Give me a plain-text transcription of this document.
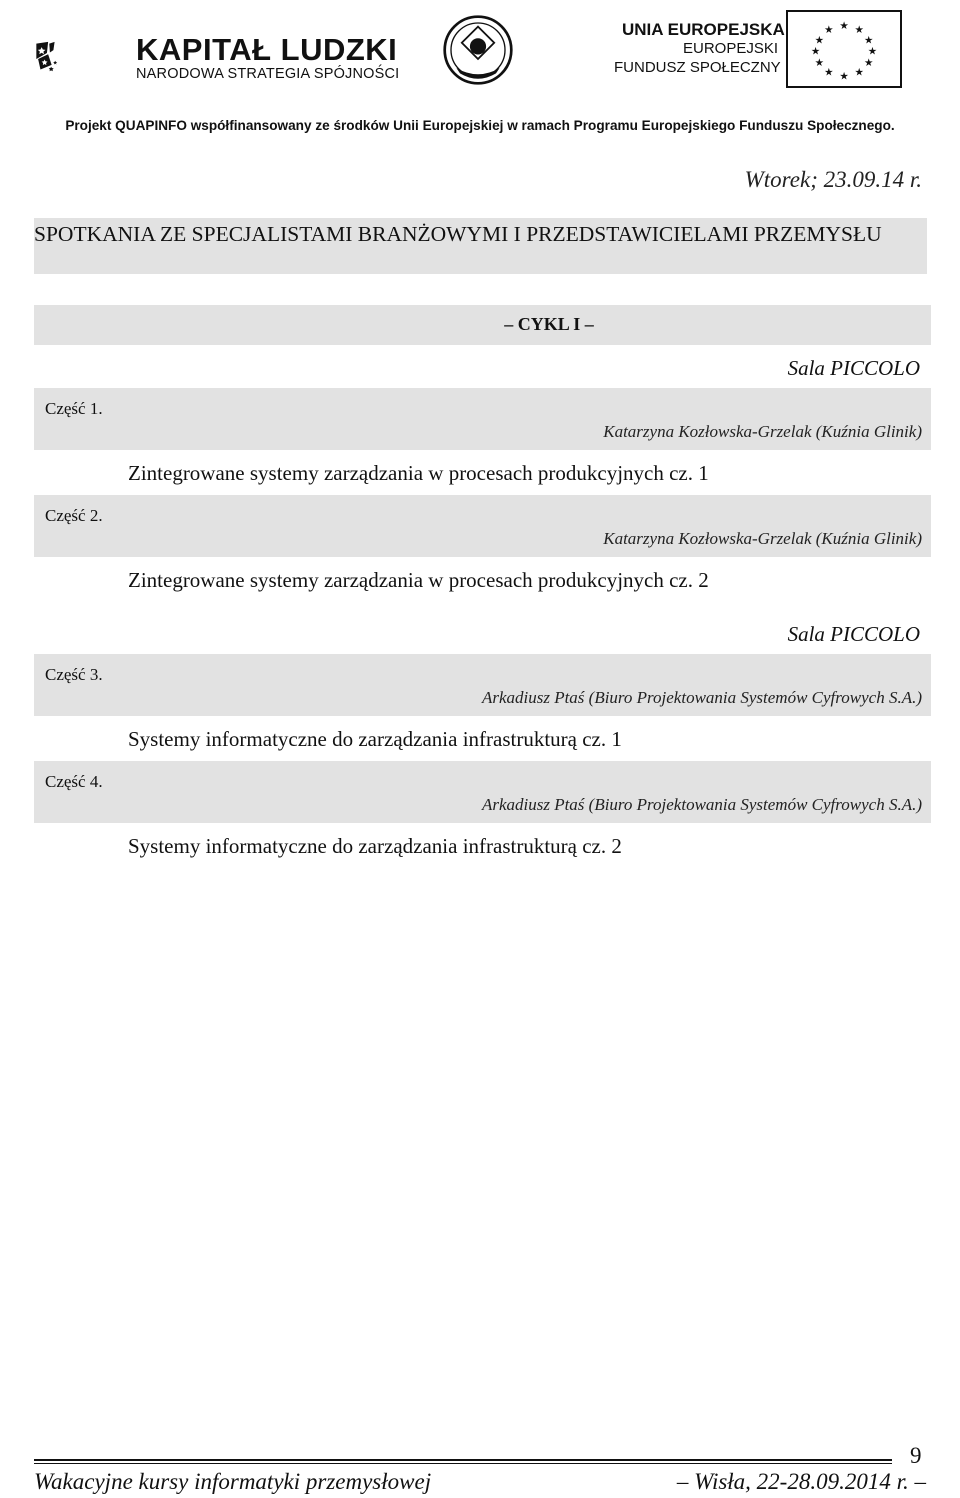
KAPITAŁ LUDZKI
NARODOWA STRATEGIA SPÓJNOŚCI
UNIA EUROPEJSKA
EUROPEJSKI
FUNDUSZ SPOŁECZNY
★ ★
★
★
★
★
★
★
★
★
★
★
Projekt QUAPINFO współfinansowany ze środków Unii Europejskiej w ramach Programu Europejskiego Funduszu Społecznego.
Wtorek; 23.09.14 r.
SPOTKANIA ZE SPECJALISTAMI BRANŻOWYMI I PRZEDSTAWICIELAMI PRZEMYSŁU
– CYKL I –
Sala PICCOLO
Część 1.
Katarzyna Kozłowska-Grzelak (Kuźnia Glinik)
Zintegrowane systemy zarządzania w procesach produkcyjnych cz. 1
Część 2.
Katarzyna Kozłowska-Grzelak (Kuźnia Glinik)
Zintegrowane systemy zarządzania w procesach produkcyjnych cz. 2
Sala PICCOLO
Część 3.
Arkadiusz Ptaś (Biuro Projektowania Systemów Cyfrowych S.A.)
Systemy informatyczne do zarządzania infrastrukturą cz. 1
Część 4.
Arkadiusz Ptaś (Biuro Projektowania Systemów Cyfrowych S.A.)
Systemy informatyczne do zarządzania infrastrukturą cz. 2
9
Wakacyjne kursy informatyki przemysłowej	– Wisła, 22-28.09.2014 r. –
